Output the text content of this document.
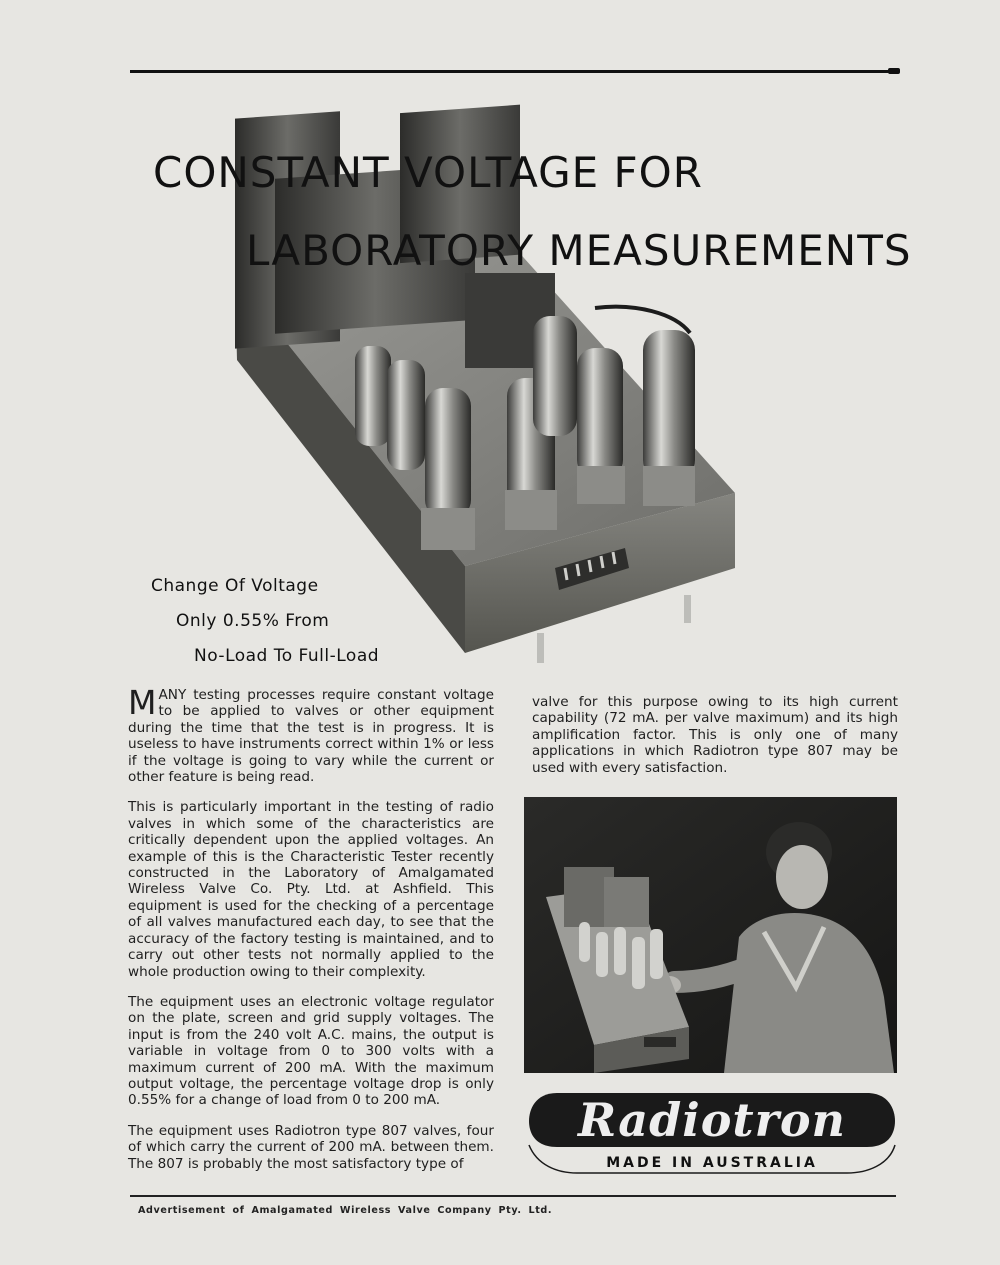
CONSTANT VOLTAGE FOR
LABORATORY MEASUREMENTS
Change Of Voltage
Only 0.55% From
No-Load To Full-Load

MANY testing processes require constant voltage to be applied to valves or other equipment during the time that the test is in progress. It is useless to have instruments correct within 1% or less if the voltage is going to vary while the current or other feature is being read.

This is particularly important in the testing of radio valves in which some of the characteristics are critically dependent upon the applied voltages. An example of this is the Characteristic Tester recently constructed in the Laboratory of Amalgamated Wireless Valve Co. Pty. Ltd. at Ashfield. This equipment is used for the checking of a percentage of all valves manufactured each day, to see that the accuracy of the factory testing is maintained, and to carry out other tests not normally applied to the whole production owing to their complexity.

The equipment uses an electronic voltage regulator on the plate, screen and grid supply voltages. The input is from the 240 volt A.C. mains, the output is variable in voltage from 0 to 300 volts with a maximum current of 200 mA. With the maximum output voltage, the percentage voltage drop is only 0.55% for a change of load from 0 to 200 mA.

The equipment uses Radiotron type 807 valves, four of which carry the current of 200 mA. between them. The 807 is probably the most satisfactory type of

valve for this purpose owing to its high current capability (72 mA. per valve maximum) and its high amplification factor. This is only one of many applications in which Radiotron type 807 may be used with every satisfaction.

Radiotron
MADE IN AUSTRALIA
Advertisement of Amalgamated Wireless Valve Company Pty. Ltd.
